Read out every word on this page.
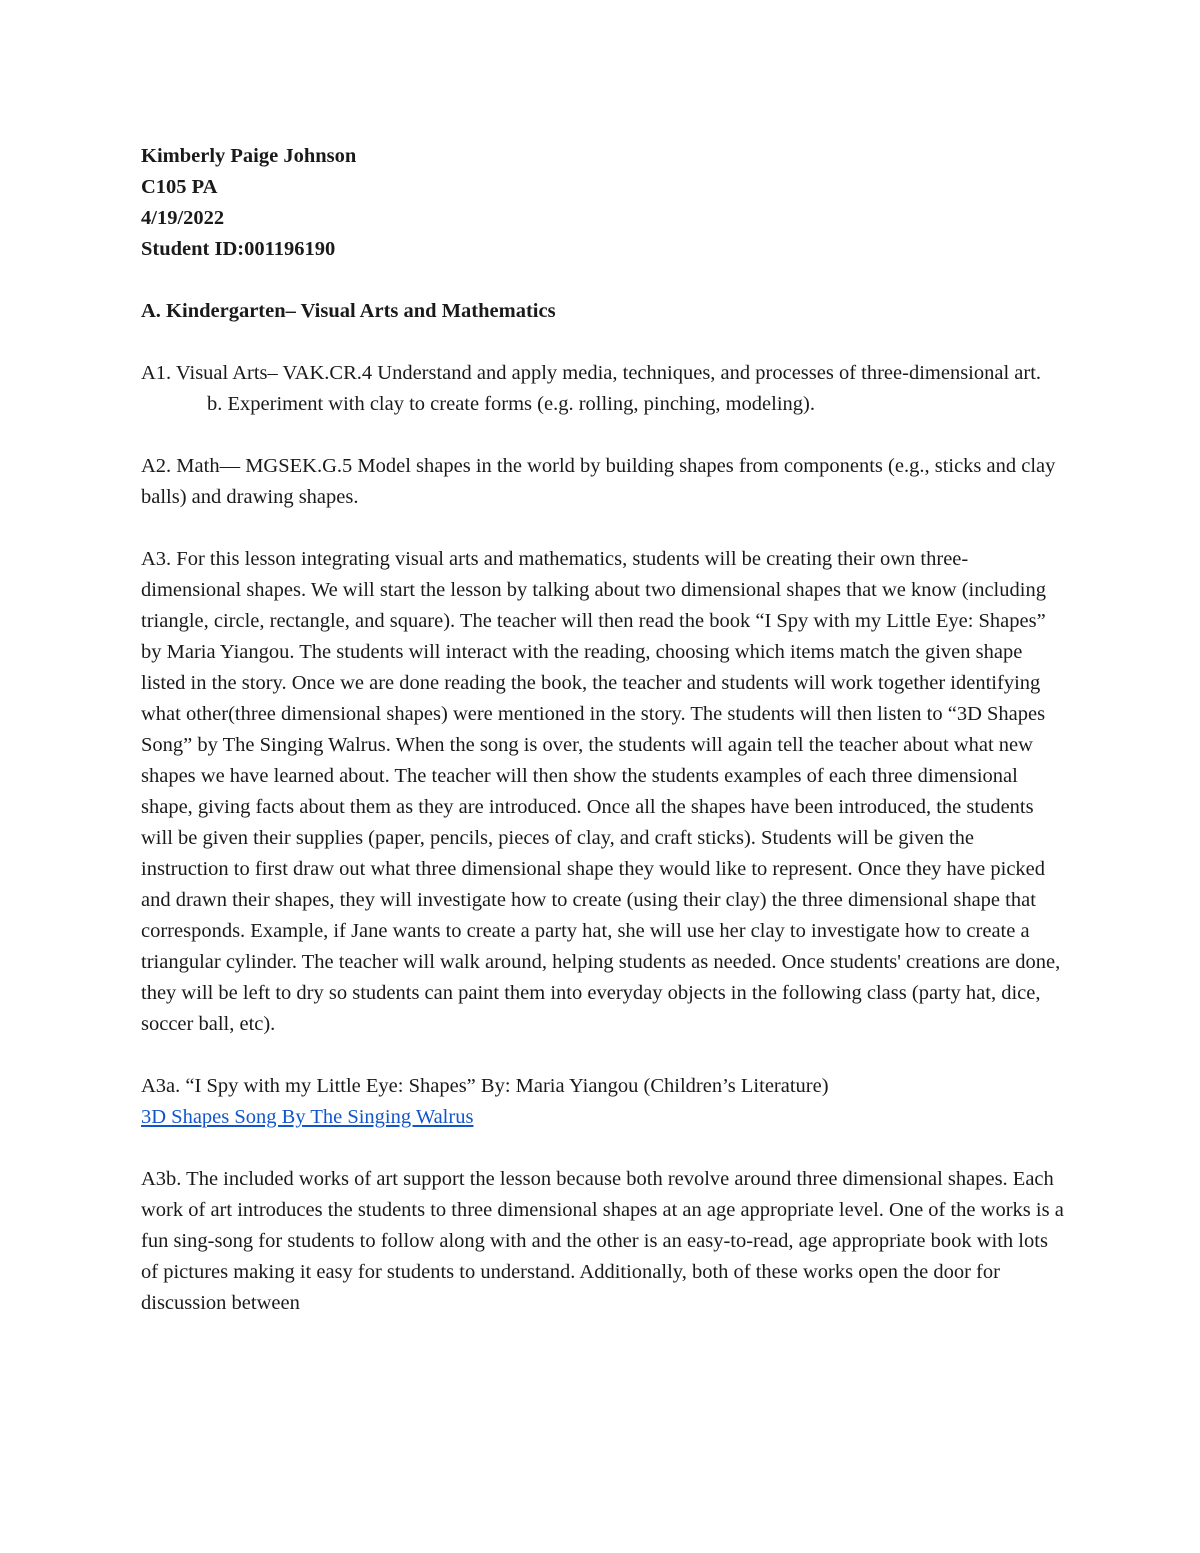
Kimberly Paige Johnson

C105 PA

4/19/2022

Student ID:001196190

A. Kindergarten– Visual Arts and Mathematics

A1. Visual Arts– VAK.CR.4 Understand and apply media, techniques, and processes of three-dimensional art.

b. Experiment with clay to create forms (e.g. rolling, pinching, modeling).

A2. Math— MGSEK.G.5 Model shapes in the world by building shapes from components (e.g., sticks and clay balls) and drawing shapes.

A3. For this lesson integrating visual arts and mathematics, students will be creating their own three-dimensional shapes. We will start the lesson by talking about two dimensional shapes that we know (including triangle, circle, rectangle, and square). The teacher will then read the book “I Spy with my Little Eye: Shapes” by Maria Yiangou. The students will interact with the reading, choosing which items match the given shape listed in the story. Once we are done reading the book, the teacher and students will work together identifying what other(three dimensional shapes) were mentioned in the story. The students will then listen to “3D Shapes Song” by The Singing Walrus. When the song is over, the students will again tell the teacher about what new shapes we have learned about. The teacher will then show the students examples of each three dimensional shape, giving facts about them as they are introduced. Once all the shapes have been introduced, the students will be given their supplies (paper, pencils, pieces of clay, and craft sticks). Students will be given the instruction to first draw out what three dimensional shape they would like to represent. Once they have picked and drawn their shapes, they will investigate how to create (using their clay) the three dimensional shape that corresponds. Example, if Jane wants to create a party hat, she will use her clay to investigate how to create a triangular cylinder. The teacher will walk around, helping students as needed. Once students' creations are done, they will be left to dry so students can paint them into everyday objects in the following class (party hat, dice, soccer ball, etc).

A3a. “I Spy with my Little Eye: Shapes” By: Maria Yiangou (Children’s Literature)

3D Shapes Song By The Singing Walrus

A3b. The included works of art support the lesson because both revolve around three dimensional shapes. Each work of art introduces the students to three dimensional shapes at an age appropriate level. One of the works is a fun sing-song for students to follow along with and the other is an easy-to-read, age appropriate book with lots of pictures making it easy for students to understand. Additionally, both of these works open the door for discussion between
